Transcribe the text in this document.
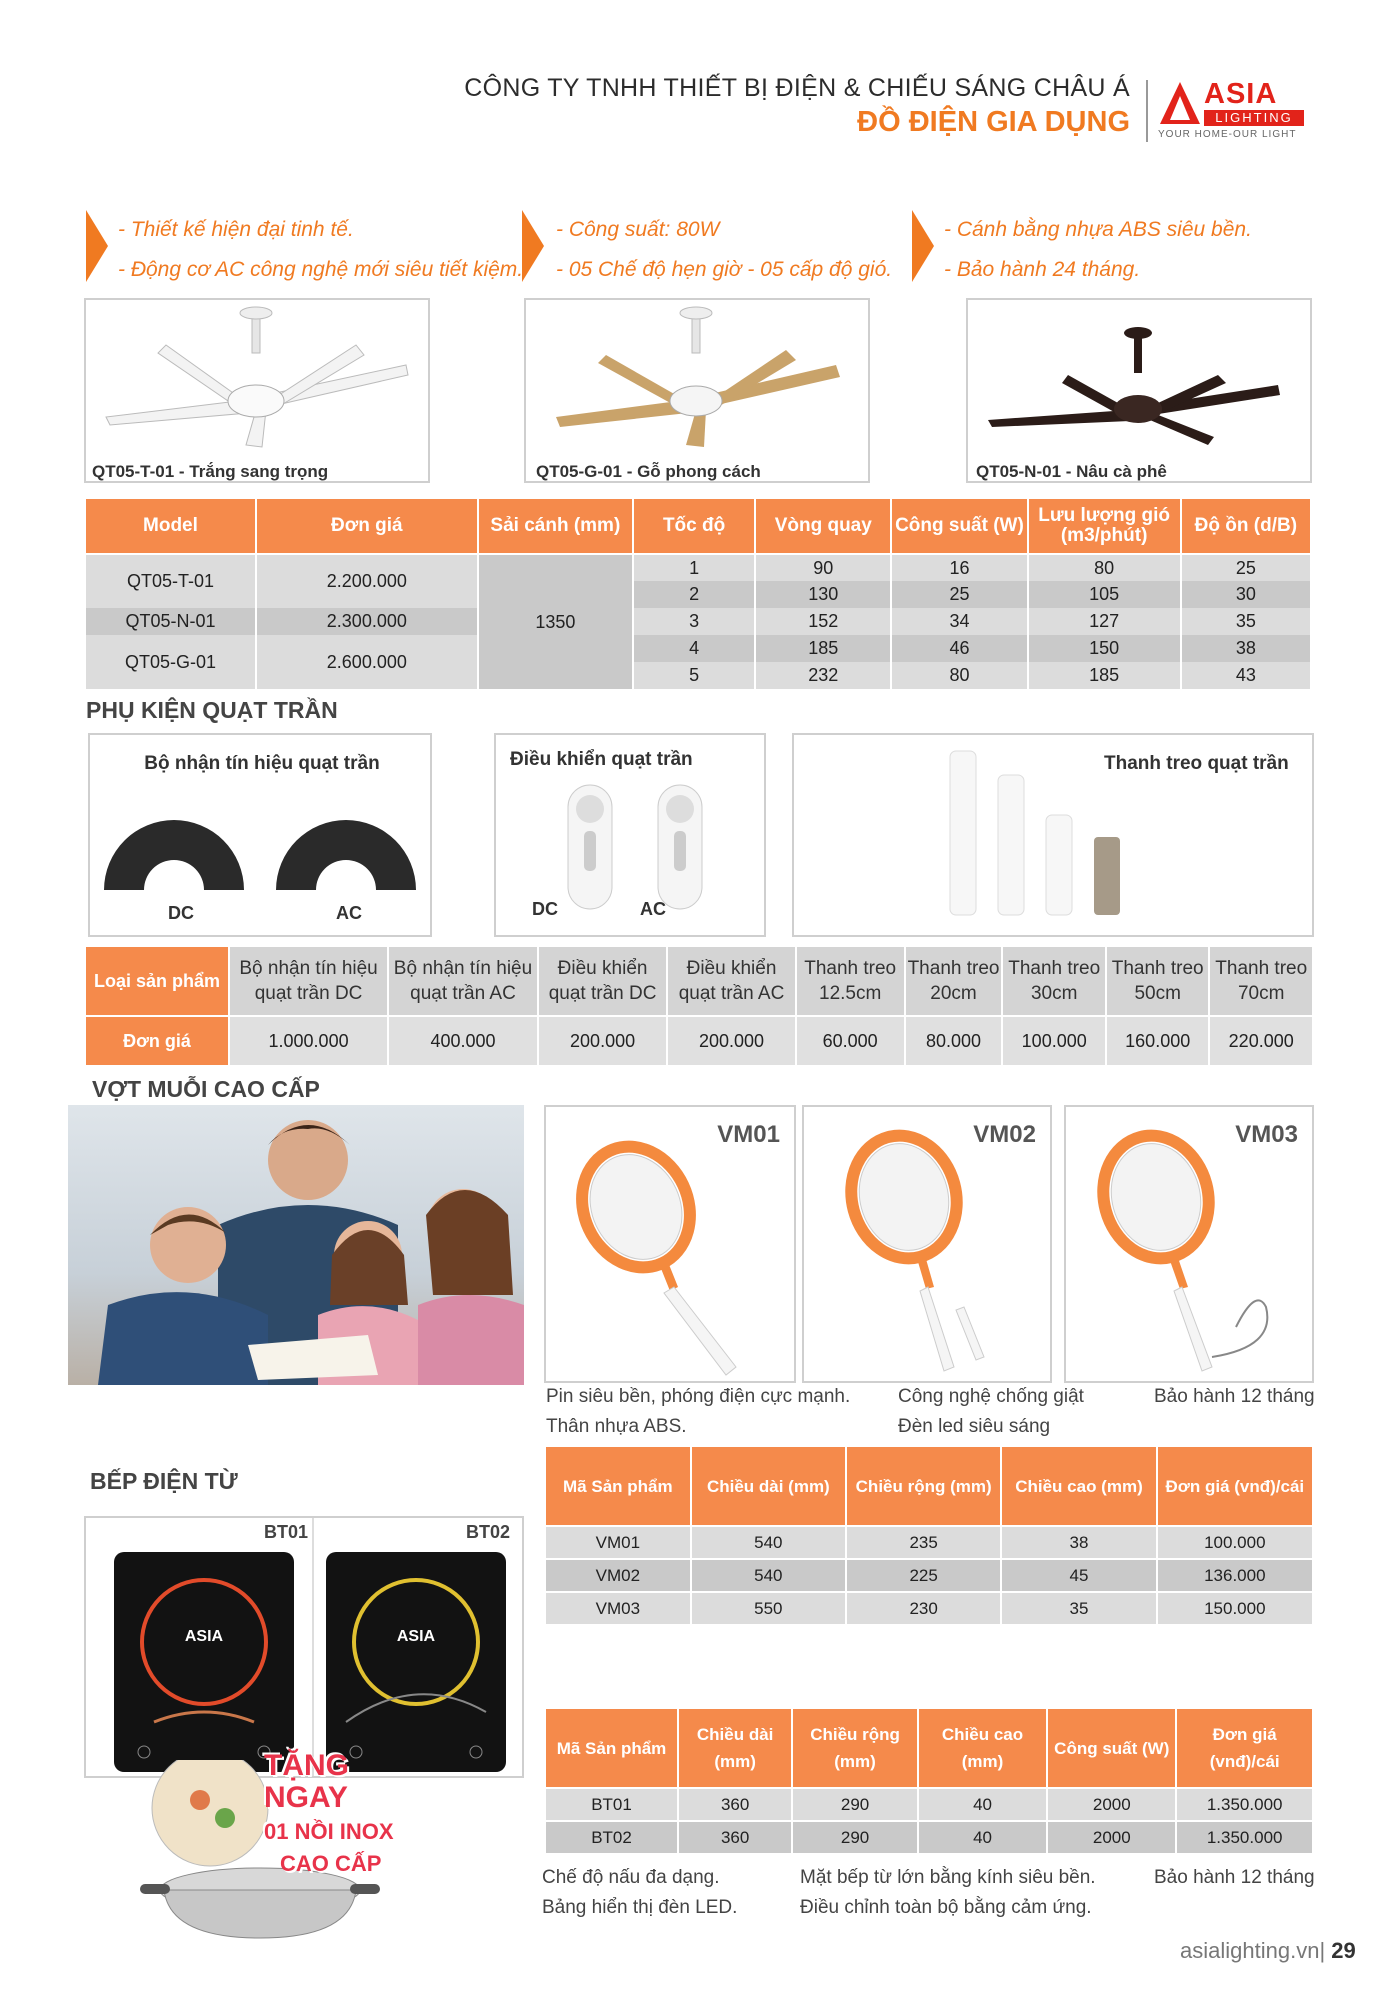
CÔNG TY TNHH THIẾT BỊ ĐIỆN & CHIẾU SÁNG CHÂU Á
ĐỒ ĐIỆN GIA DỤNG
ASIA
LIGHTING
YOUR HOME-OUR LIGHT
- Thiết kế hiện đại tinh tế.
- Động cơ AC công nghệ mới siêu tiết kiệm.
- Công suất: 80W
- 05 Chế độ hẹn giờ - 05 cấp độ gió.
- Cánh bằng nhựa ABS siêu bền.
- Bảo hành 24 tháng.
QT05-T-01 - Trắng sang trọng	QT05-G-01 - Gỗ phong cách	QT05-N-01 - Nâu cà phê
Model	Đơn giá	Sải cánh (mm)	Tốc độ	Vòng quay	Công suất (W)	Lưu lượng gió (m3/phút)	Độ ồn (d/B)
QT05-T-01	2.200.000	1350	1	90	16	80	25
			2	130	25	105	30
QT05-N-01	2.300.000		3	152	34	127	35
QT05-G-01	2.600.000		4	185	46	150	38
			5	232	80	185	43
PHỤ KIỆN QUẠT TRẦN
Bộ nhận tín hiệu quạt trần
DC	AC
Điều khiển quạt trần
DC	AC
Thanh treo quạt trần
Loại sản phẩm	Bộ nhận tín hiệu quạt trần DC	Bộ nhận tín hiệu quạt trần AC	Điều khiển quạt trần DC	Điều khiển quạt trần AC	Thanh treo 12.5cm	Thanh treo 20cm	Thanh treo 30cm	Thanh treo 50cm	Thanh treo 70cm
Đơn giá	1.000.000	400.000	200.000	200.000	60.000	80.000	100.000	160.000	220.000
VỢT MUỖI CAO CẤP
VM01	VM02	VM03
Pin siêu bền, phóng điện cực mạnh.
Thân nhựa ABS.
Công nghệ chống giật
Đèn led siêu sáng
Bảo hành 12 tháng
Mã Sản phẩm	Chiều dài (mm)	Chiều rộng (mm)	Chiều cao (mm)	Đơn giá (vnđ)/cái
VM01	540	235	38	100.000
VM02	540	225	45	136.000
VM03	550	230	35	150.000
BẾP ĐIỆN TỪ
BT01	BT02
ASIA	ASIA
TẶNG
NGAY
01 NỒI INOX
CAO CẤP
Mã Sản phẩm	Chiều dài (mm)	Chiều rộng (mm)	Chiều cao (mm)	Công suất (W)	Đơn giá (vnđ)/cái
BT01	360	290	40	2000	1.350.000
BT02	360	290	40	2000	1.350.000
Chế độ nấu đa dạng.
Bảng hiển thị đèn LED.
Mặt bếp từ lớn bằng kính siêu bền.
Điều chỉnh toàn bộ bằng cảm ứng.
Bảo hành 12 tháng
asialighting.vn| 29
